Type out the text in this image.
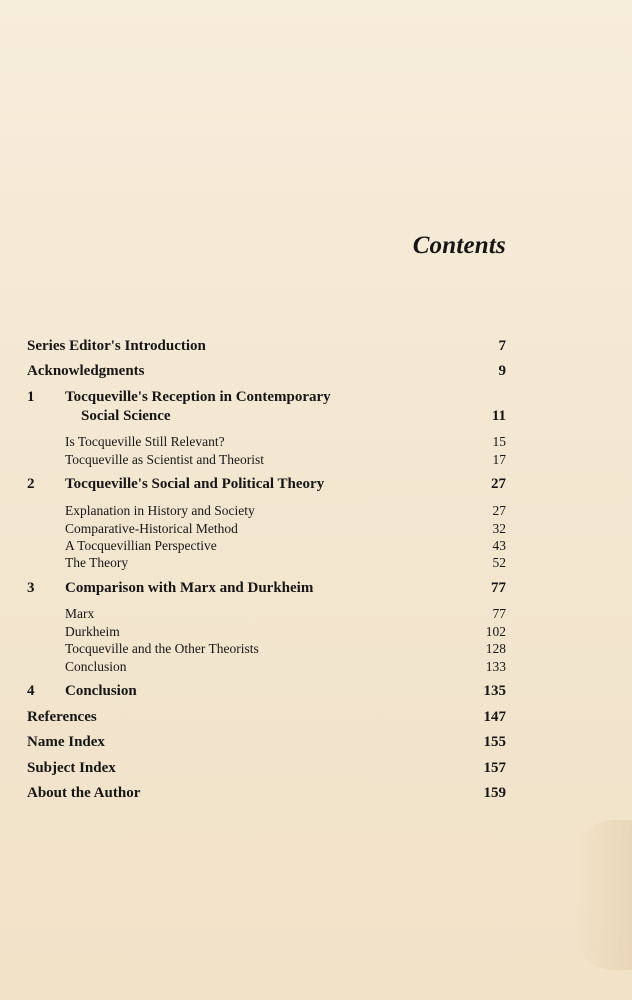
Contents
Series Editor's Introduction	7
Acknowledgments	9
1 Tocqueville's Reception in Contemporary
Social Science	11
Is Tocqueville Still Relevant?	15
Tocqueville as Scientist and Theorist	17
2 Tocqueville's Social and Political Theory	27
Explanation in History and Society	27
Comparative-Historical Method	32
A Tocquevillian Perspective	43
The Theory	52
3 Comparison with Marx and Durkheim	77
Marx	77
Durkheim	102
Tocqueville and the Other Theorists	128
Conclusion	133
4 Conclusion	135
References	147
Name Index	155
Subject Index	157
About the Author	159
